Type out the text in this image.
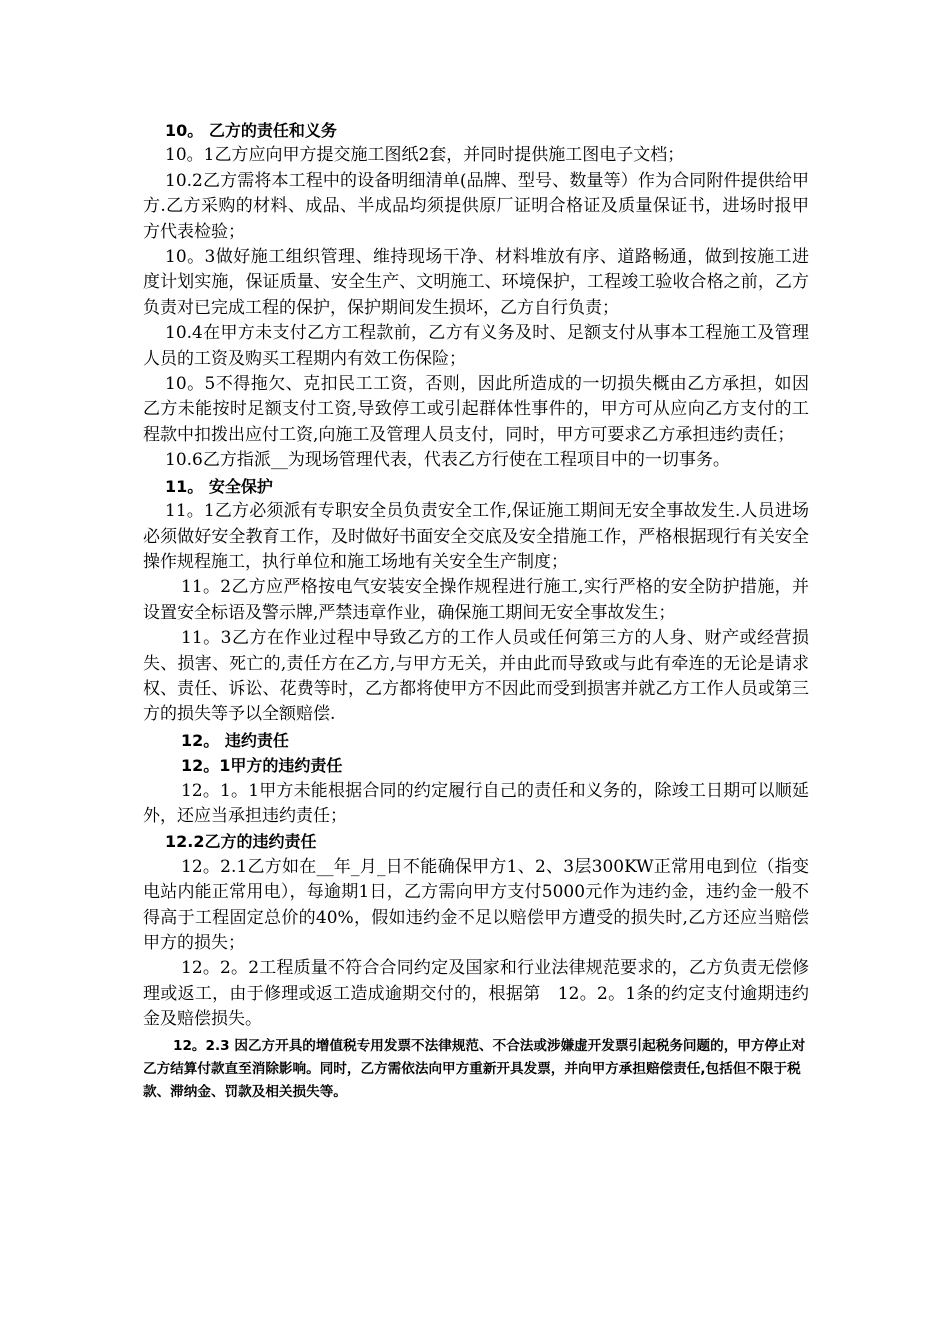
10。 乙方的责任和义务

10。1乙方应向甲方提交施工图纸2套，并同时提供施工图电子文档；

10.2乙方需将本工程中的设备明细清单(品牌、型号、数量等）作为合同附件提供给甲方.乙方采购的材料、成品、半成品均须提供原厂证明合格证及质量保证书，进场时报甲方代表检验；

10。3做好施工组织管理、维持现场干净、材料堆放有序、道路畅通，做到按施工进度计划实施，保证质量、安全生产、文明施工、环境保护，工程竣工验收合格之前，乙方负责对已完成工程的保护，保护期间发生损坏，乙方自行负责；

10.4在甲方未支付乙方工程款前，乙方有义务及时、足额支付从事本工程施工及管理人员的工资及购买工程期内有效工伤保险；

10。5不得拖欠、克扣民工工资，否则，因此所造成的一切损失概由乙方承担，如因乙方未能按时足额支付工资,导致停工或引起群体性事件的，甲方可从应向乙方支付的工程款中扣拨出应付工资,向施工及管理人员支付，同时，甲方可要求乙方承担违约责任；

10.6乙方指派__为现场管理代表，代表乙方行使在工程项目中的一切事务。

11。 安全保护

11。1乙方必须派有专职安全员负责安全工作,保证施工期间无安全事故发生.人员进场必须做好安全教育工作，及时做好书面安全交底及安全措施工作，严格根据现行有关安全操作规程施工，执行单位和施工场地有关安全生产制度；

11。2乙方应严格按电气安装安全操作规程进行施工,实行严格的安全防护措施，并设置安全标语及警示牌,严禁违章作业，确保施工期间无安全事故发生；

11。3乙方在作业过程中导致乙方的工作人员或任何第三方的人身、财产或经营损失、损害、死亡的,责任方在乙方,与甲方无关，并由此而导致或与此有牵连的无论是请求权、责任、诉讼、花费等时，乙方都将使甲方不因此而受到损害并就乙方工作人员或第三方的损失等予以全额赔偿.

12。 违约责任

12。1甲方的违约责任

12。1。1甲方未能根据合同的约定履行自己的责任和义务的，除竣工日期可以顺延外，还应当承担违约责任；

12.2乙方的违约责任

12。2.1乙方如在__年_月_日不能确保甲方1、2、3层300KW正常用电到位（指变电站内能正常用电），每逾期1日，乙方需向甲方支付5000元作为违约金，违约金一般不得高于工程固定总价的40%，假如违约金不足以赔偿甲方遭受的损失时,乙方还应当赔偿甲方的损失；

12。2。2工程质量不符合合同约定及国家和行业法律规范要求的，乙方负责无偿修理或返工，由于修理或返工造成逾期交付的，根据第　12。2。1条的约定支付逾期违约金及赔偿损失。

12。2.3 因乙方开具的增值税专用发票不法律规范、不合法或涉嫌虚开发票引起税务问题的，甲方停止对乙方结算付款直至消除影响。同时，乙方需依法向甲方重新开具发票，并向甲方承担赔偿责任,包括但不限于税款、滞纳金、罚款及相关损失等。
